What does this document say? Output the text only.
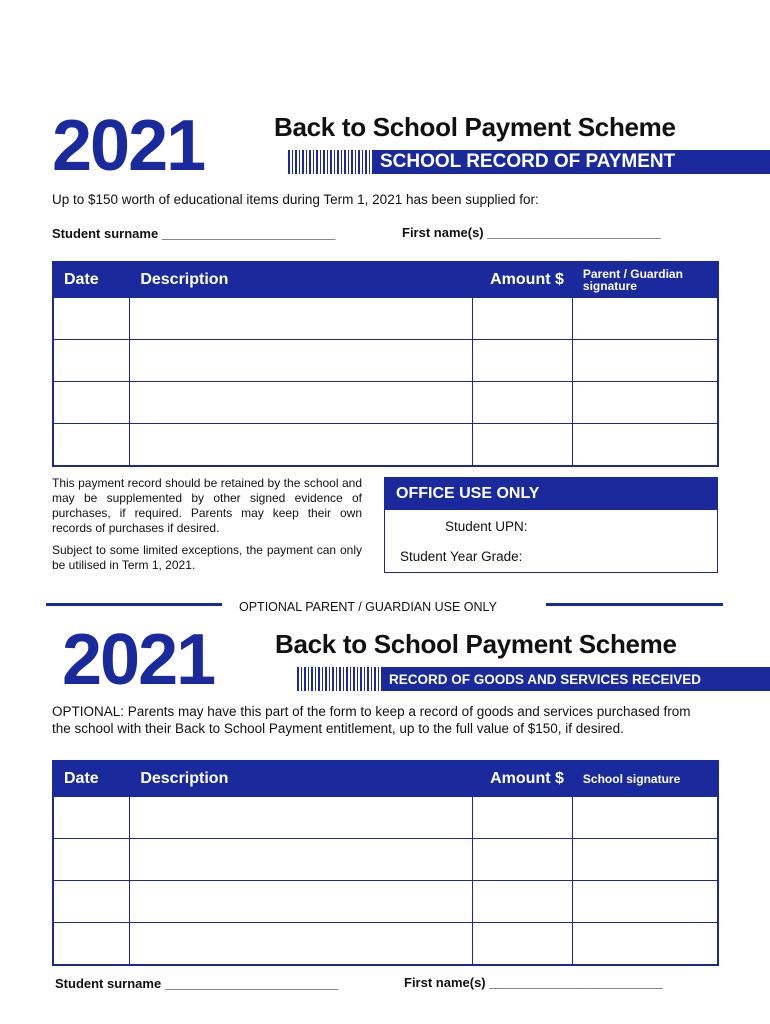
2021	Back to School Payment Scheme
SCHOOL RECORD OF PAYMENT
Up to $150 worth of educational items during Term 1, 2021 has been supplied for:
Student surname ________________________	First name(s) ________________________
Date	Description	Amount $	Parent / Guardian signature

This payment record should be retained by the school and may be supplemented by other signed evidence of purchases, if required. Parents may keep their own records of purchases if desired.
Subject to some limited exceptions, the payment can only be utilised in Term 1, 2021.
OFFICE USE ONLY
Student UPN:
Student Year Grade:
OPTIONAL PARENT / GUARDIAN USE ONLY
2021 Back to School Payment Scheme
RECORD OF GOODS AND SERVICES RECEIVED
OPTIONAL: Parents may have this part of the form to keep a record of goods and services purchased from the school with their Back to School Payment entitlement, up to the full value of $150, if desired.
Date	Description	Amount $	School signature

Student surname ________________________	First name(s) ________________________
